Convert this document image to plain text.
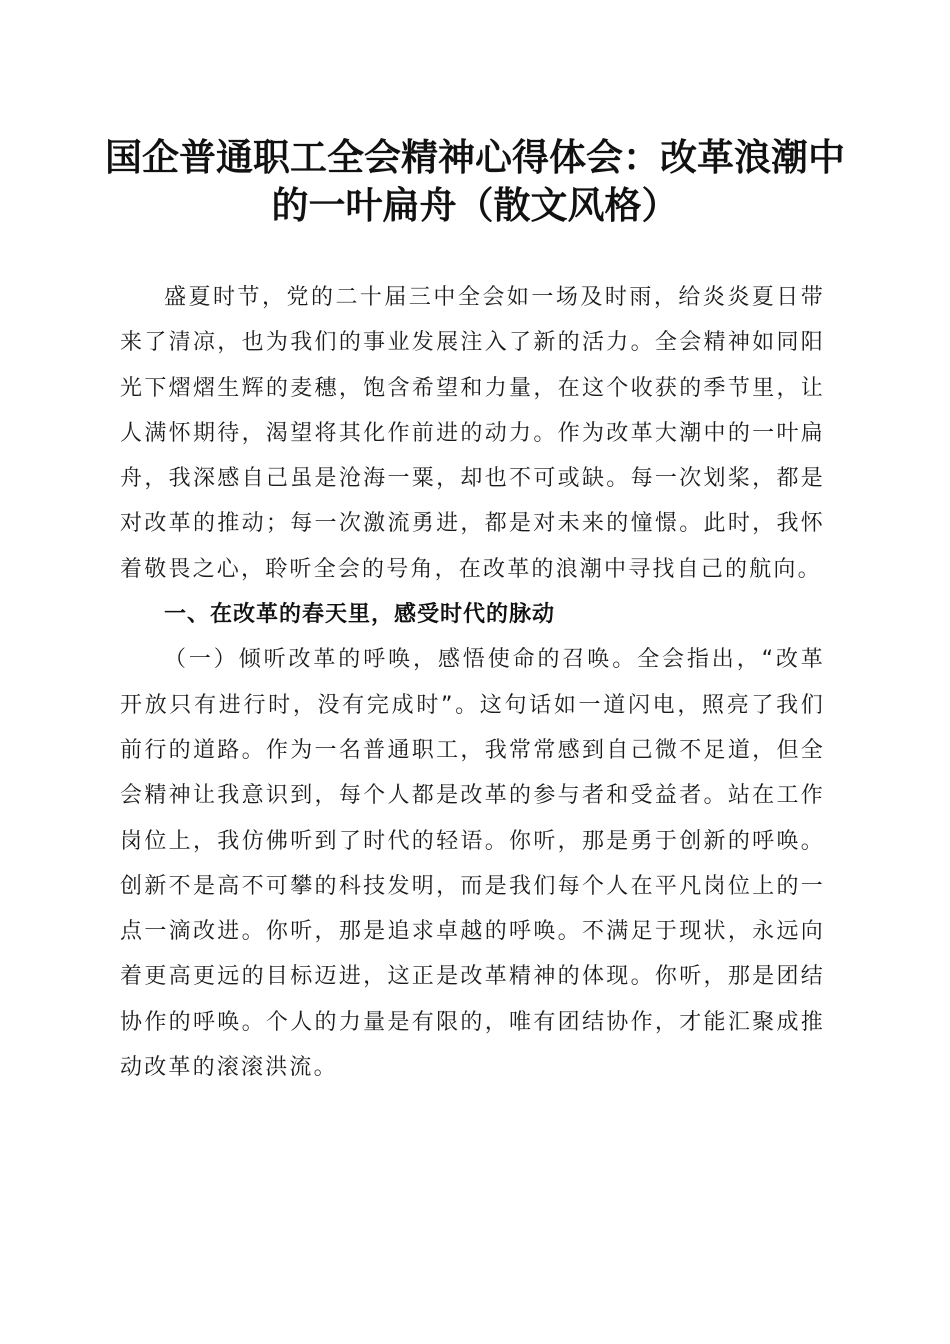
国企普通职工全会精神心得体会：改革浪潮中
的一叶扁舟（散文风格）

盛夏时节，党的二十届三中全会如一场及时雨，给炎炎夏日带来了清凉，也为我们的事业发展注入了新的活力。全会精神如同阳光下熠熠生辉的麦穗，饱含希望和力量，在这个收获的季节里，让人满怀期待，渴望将其化作前进的动力。作为改革大潮中的一叶扁舟，我深感自己虽是沧海一粟，却也不可或缺。每一次划桨，都是对改革的推动；每一次激流勇进，都是对未来的憧憬。此时，我怀着敬畏之心，聆听全会的号角，在改革的浪潮中寻找自己的航向。

一、在改革的春天里，感受时代的脉动

（一）倾听改革的呼唤，感悟使命的召唤。全会指出，“改革开放只有进行时，没有完成时”。这句话如一道闪电，照亮了我们前行的道路。作为一名普通职工，我常常感到自己微不足道，但全会精神让我意识到，每个人都是改革的参与者和受益者。站在工作岗位上，我仿佛听到了时代的轻语。你听，那是勇于创新的呼唤。创新不是高不可攀的科技发明，而是我们每个人在平凡岗位上的一点一滴改进。你听，那是追求卓越的呼唤。不满足于现状，永远向着更高更远的目标迈进，这正是改革精神的体现。你听，那是团结协作的呼唤。个人的力量是有限的，唯有团结协作，才能汇聚成推动改革的滚滚洪流。
